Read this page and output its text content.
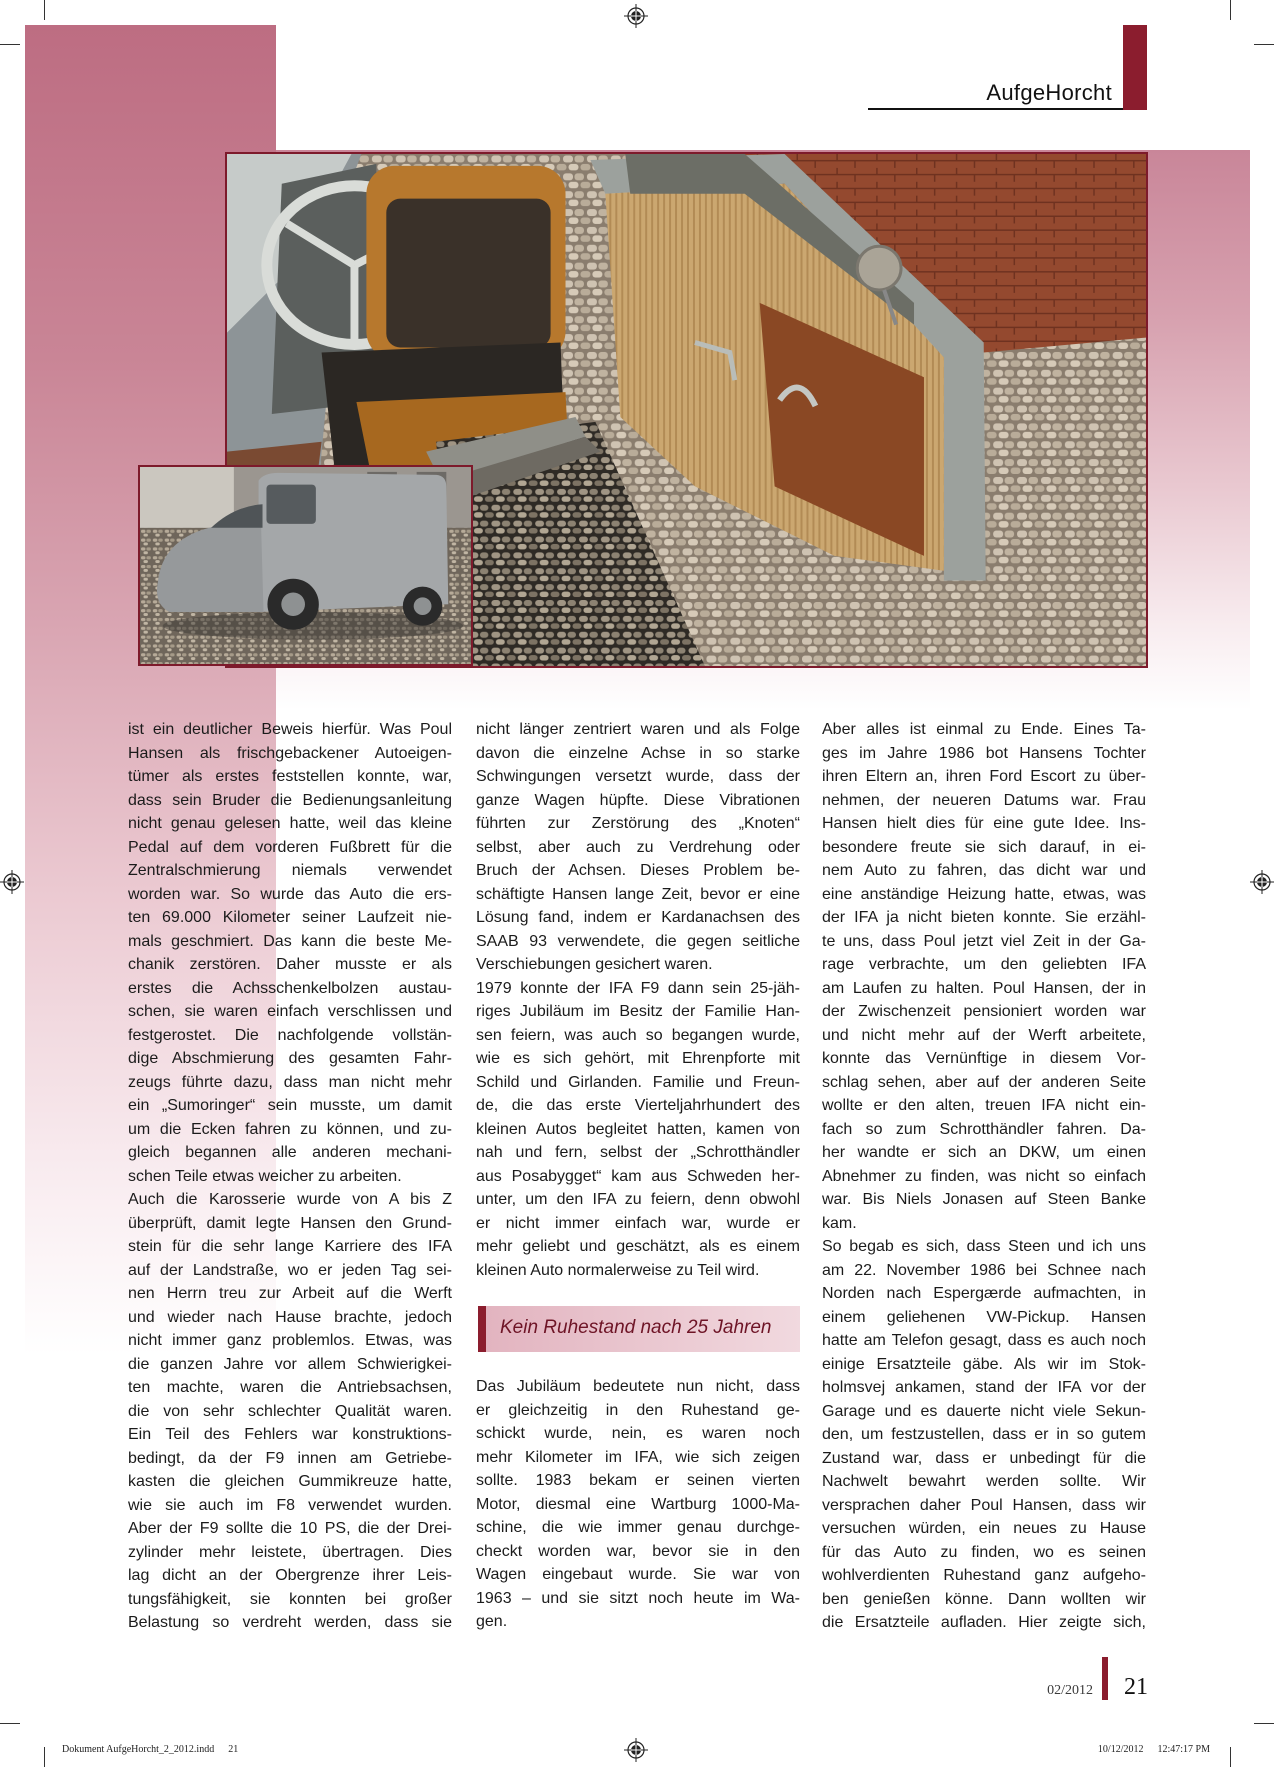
AufgeHorcht
ist ein deutlicher Beweis hierfür. Was Poul
Hansen als frischgebackener Autoeigen-
tümer als erstes feststellen konnte, war,
dass sein Bruder die Bedienungsanleitung
nicht genau gelesen hatte, weil das kleine
Pedal auf dem vorderen Fußbrett für die
Zentralschmierung niemals verwendet
worden war. So wurde das Auto die ers-
ten 69.000 Kilometer seiner Laufzeit nie-
mals geschmiert. Das kann die beste Me-
chanik zerstören. Daher musste er als
erstes die Achsschenkelbolzen austau-
schen, sie waren einfach verschlissen und
festgerostet. Die nachfolgende vollstän-
dige Abschmierung des gesamten Fahr-
zeugs führte dazu, dass man nicht mehr
ein „Sumoringer“ sein musste, um damit
um die Ecken fahren zu können, und zu-
gleich begannen alle anderen mechani-
schen Teile etwas weicher zu arbeiten.
Auch die Karosserie wurde von A bis Z
überprüft, damit legte Hansen den Grund-
stein für die sehr lange Karriere des IFA
auf der Landstraße, wo er jeden Tag sei-
nen Herrn treu zur Arbeit auf die Werft
und wieder nach Hause brachte, jedoch
nicht immer ganz problemlos. Etwas, was
die ganzen Jahre vor allem Schwierigkei-
ten machte, waren die Antriebsachsen,
die von sehr schlechter Qualität waren.
Ein Teil des Fehlers war konstruktions-
bedingt, da der F9 innen am Getriebe-
kasten die gleichen Gummikreuze hatte,
wie sie auch im F8 verwendet wurden.
Aber der F9 sollte die 10 PS, die der Drei-
zylinder mehr leistete, übertragen. Dies
lag dicht an der Obergrenze ihrer Leis-
tungsfähigkeit, sie konnten bei großer
Belastung so verdreht werden, dass sie
nicht länger zentriert waren und als Folge
davon die einzelne Achse in so starke
Schwingungen versetzt wurde, dass der
ganze Wagen hüpfte. Diese Vibrationen
führten zur Zerstörung des „Knoten“
selbst, aber auch zu Verdrehung oder
Bruch der Achsen. Dieses Problem be-
schäftigte Hansen lange Zeit, bevor er eine
Lösung fand, indem er Kardanachsen des
SAAB 93 verwendete, die gegen seitliche
Verschiebungen gesichert waren.
1979 konnte der IFA F9 dann sein 25-jäh-
riges Jubiläum im Besitz der Familie Han-
sen feiern, was auch so begangen wurde,
wie es sich gehört, mit Ehrenpforte mit
Schild und Girlanden. Familie und Freun-
de, die das erste Vierteljahrhundert des
kleinen Autos begleitet hatten, kamen von
nah und fern, selbst der „Schrotthändler
aus Posabygget“ kam aus Schweden her-
unter, um den IFA zu feiern, denn obwohl
er nicht immer einfach war, wurde er
mehr geliebt und geschätzt, als es einem
kleinen Auto normalerweise zu Teil wird.
Kein Ruhestand nach 25 Jahren
Das Jubiläum bedeutete nun nicht, dass
er gleichzeitig in den Ruhestand ge-
schickt wurde, nein, es waren noch
mehr Kilometer im IFA, wie sich zeigen
sollte. 1983 bekam er seinen vierten
Motor, diesmal eine Wartburg 1000-Ma-
schine, die wie immer genau durchge-
checkt worden war, bevor sie in den
Wagen eingebaut wurde. Sie war von
1963 – und sie sitzt noch heute im Wa-
gen.
Aber alles ist einmal zu Ende. Eines Ta-
ges im Jahre 1986 bot Hansens Tochter
ihren Eltern an, ihren Ford Escort zu über-
nehmen, der neueren Datums war. Frau
Hansen hielt dies für eine gute Idee. Ins-
besondere freute sie sich darauf, in ei-
nem Auto zu fahren, das dicht war und
eine anständige Heizung hatte, etwas, was
der IFA ja nicht bieten konnte. Sie erzähl-
te uns, dass Poul jetzt viel Zeit in der Ga-
rage verbrachte, um den geliebten IFA
am Laufen zu halten. Poul Hansen, der in
der Zwischenzeit pensioniert worden war
und nicht mehr auf der Werft arbeitete,
konnte das Vernünftige in diesem Vor-
schlag sehen, aber auf der anderen Seite
wollte er den alten, treuen IFA nicht ein-
fach so zum Schrotthändler fahren. Da-
her wandte er sich an DKW, um einen
Abnehmer zu finden, was nicht so einfach
war. Bis Niels Jonasen auf Steen Banke
kam.
So begab es sich, dass Steen und ich uns
am 22. November 1986 bei Schnee nach
Norden nach Espergærde aufmachten, in
einem geliehenen VW-Pickup. Hansen
hatte am Telefon gesagt, dass es auch noch
einige Ersatzteile gäbe. Als wir im Stok-
holmsvej ankamen, stand der IFA vor der
Garage und es dauerte nicht viele Sekun-
den, um festzustellen, dass er in so gutem
Zustand war, dass er unbedingt für die
Nachwelt bewahrt werden sollte. Wir
versprachen daher Poul Hansen, dass wir
versuchen würden, ein neues zu Hause
für das Auto zu finden, wo es seinen
wohlverdienten Ruhestand ganz aufgeho-
ben genießen könne. Dann wollten wir
die Ersatzteile aufladen. Hier zeigte sich,
02/2012 21
Dokument AufgeHorcht_2_2012.indd 21	10/12/2012 12:47:17 PM
